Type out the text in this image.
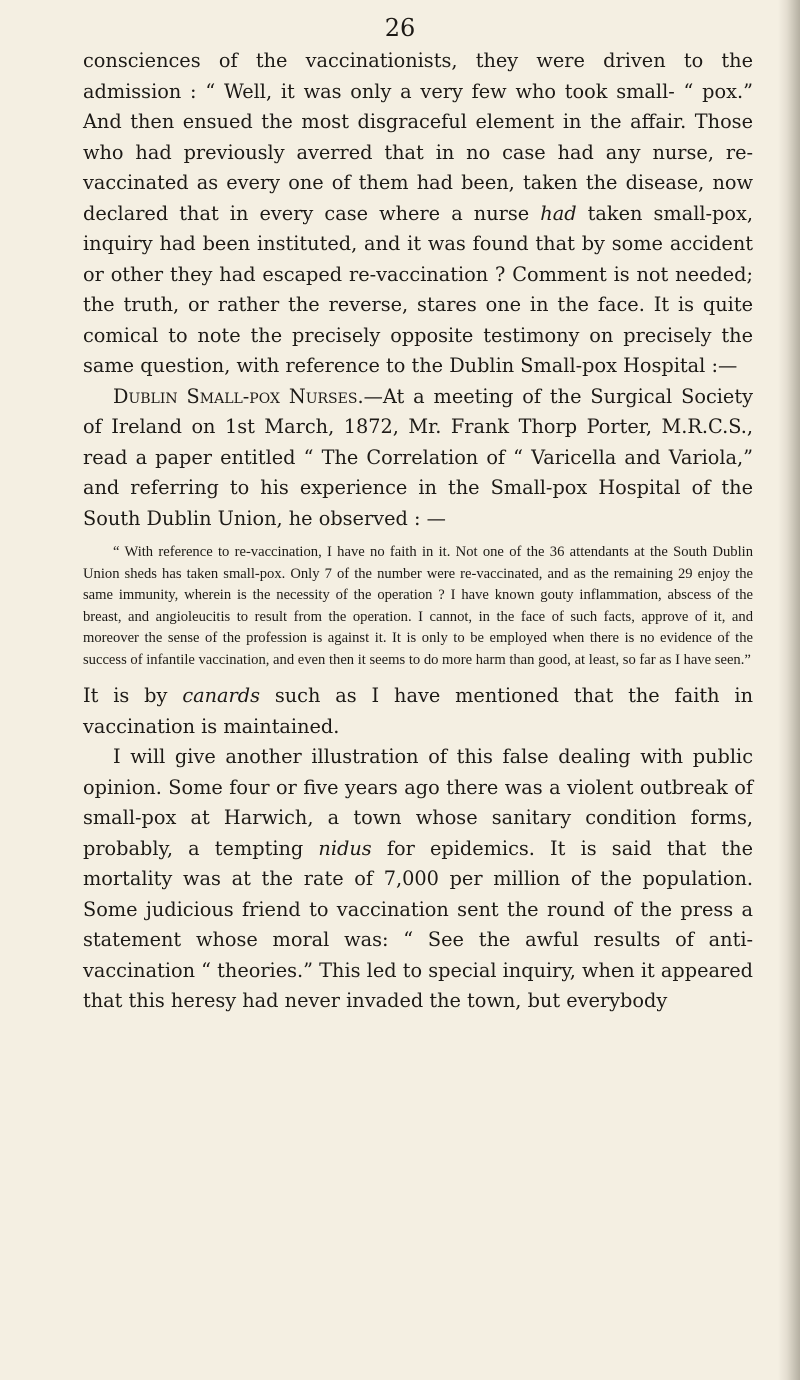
26

consciences of the vaccinationists, they were driven to the admission : “ Well, it was only a very few who took small- “ pox.” And then ensued the most disgraceful element in the affair. Those who had previously averred that in no case had any nurse, re-vaccinated as every one of them had been, taken the disease, now declared that in every case where a nurse had taken small-pox, inquiry had been instituted, and it was found that by some accident or other they had escaped re-vaccination ? Comment is not needed; the truth, or rather the reverse, stares one in the face. It is quite comical to note the precisely opposite testimony on precisely the same question, with reference to the Dublin Small-pox Hospital :—

Dublin Small-pox Nurses.—At a meeting of the Surgical Society of Ireland on 1st March, 1872, Mr. Frank Thorp Porter, M.R.C.S., read a paper entitled “ The Correlation of “ Varicella and Variola,” and referring to his experience in the Small-pox Hospital of the South Dublin Union, he observed : —

“ With reference to re-vaccination, I have no faith in it. Not one of the 36 attendants at the South Dublin Union sheds has taken small-pox. Only 7 of the number were re-vaccinated, and as the remaining 29 enjoy the same immunity, wherein is the necessity of the operation ? I have known gouty inflammation, abscess of the breast, and angioleucitis to result from the operation. I cannot, in the face of such facts, approve of it, and moreover the sense of the profession is against it. It is only to be employed when there is no evidence of the success of infantile vaccination, and even then it seems to do more harm than good, at least, so far as I have seen.”

It is by canards such as I have mentioned that the faith in vaccination is maintained.

I will give another illustration of this false dealing with public opinion. Some four or five years ago there was a violent outbreak of small-pox at Harwich, a town whose sanitary condition forms, probably, a tempting nidus for epidemics. It is said that the mortality was at the rate of 7,000 per million of the population. Some judicious friend to vaccination sent the round of the press a statement whose moral was: “ See the awful results of anti-vaccination “ theories.” This led to special inquiry, when it appeared that this heresy had never invaded the town, but everybody
